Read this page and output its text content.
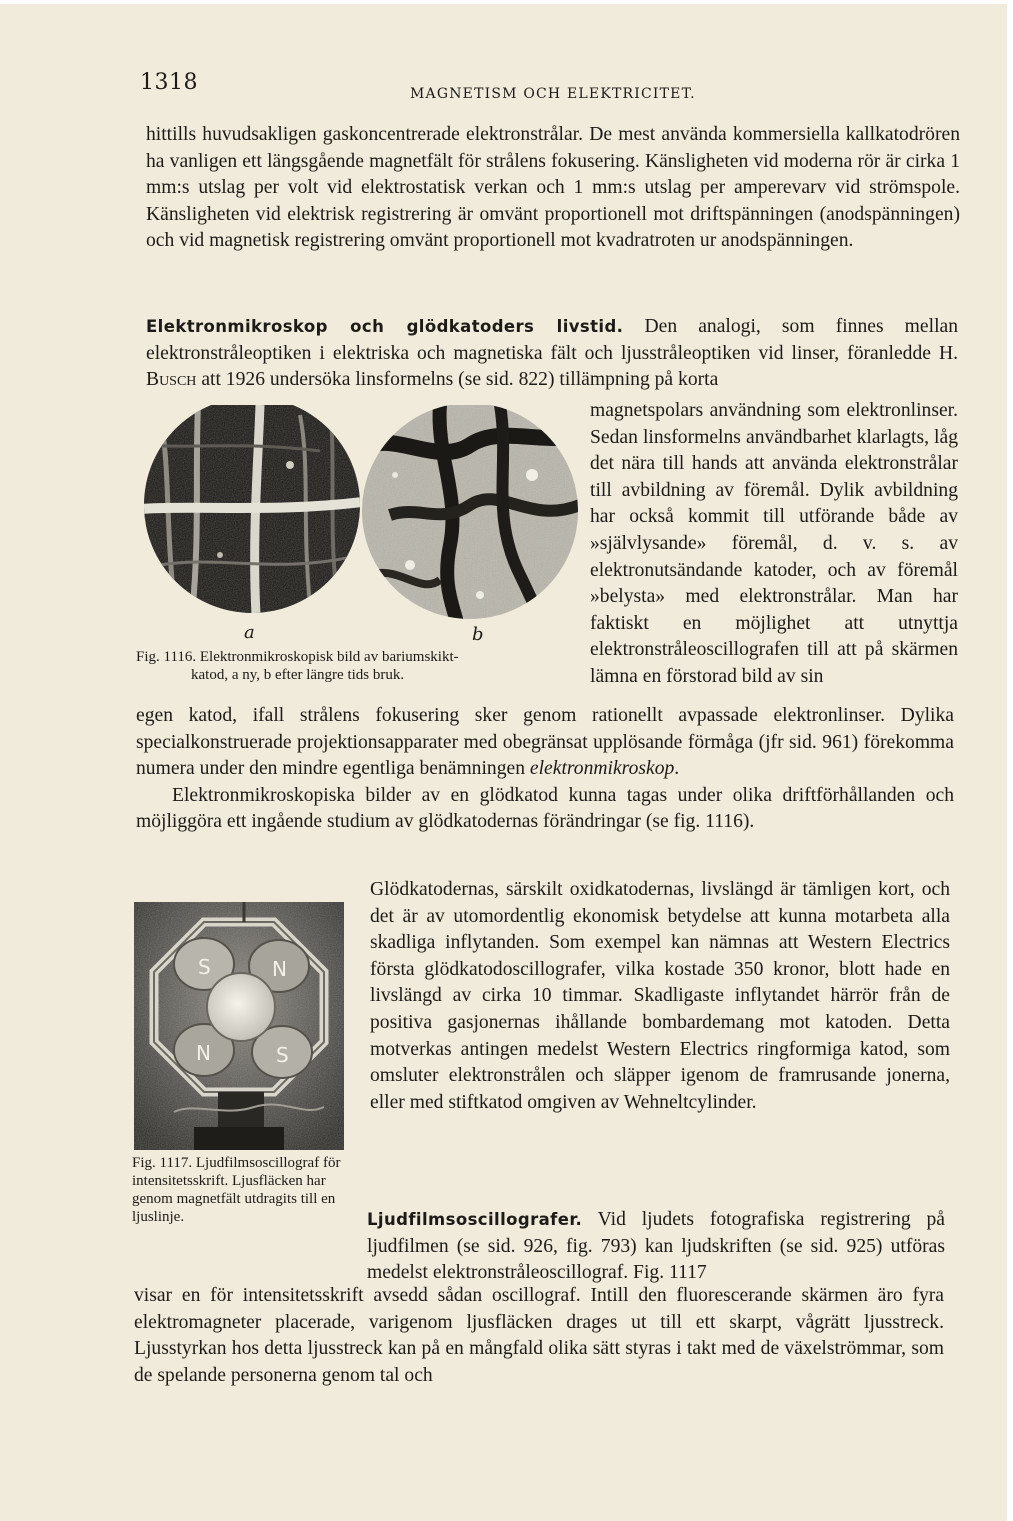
1318	MAGNETISM OCH ELEKTRICITET.

hittills huvudsakligen gaskoncentrerade elektronstrålar. De mest använda kommersiella kallkatodrören ha vanligen ett längsgående magnetfält för strålens fokusering. Känsligheten vid moderna rör är cirka 1 mm:s utslag per volt vid elektrostatisk verkan och 1 mm:s utslag per amperevarv vid strömspole. Känsligheten vid elektrisk registrering är omvänt proportionell mot driftspänningen (anodspänningen) och vid magnetisk registrering omvänt proportionell mot kvadratroten ur anodspänningen.

Elektronmikroskop och glödkatoders livstid. Den analogi, som finnes mellan elektronstråleoptiken i elektriska och magnetiska fält och ljusstråleoptiken vid linser, föranledde H. Busch att 1926 undersöka linsformelns (se sid. 822) tillämpning på korta

magnetspolars användning som elektronlinser. Sedan linsformelns användbarhet klarlagts, låg det nära till hands att använda elektronstrålar till avbildning av föremål. Dylik avbildning har också kommit till utförande både av »självlysande» föremål, d. v. s. av elektronutsändande katoder, och av föremål »belysta» med elektronstrålar. Man har faktiskt en möjlighet att utnyttja elektronstråleoscillografen till att på skärmen lämna en förstorad bild av sin

a	b
Fig. 1116. Elektronmikroskopisk bild av bariumskikt-
katod, a ny, b efter längre tids bruk.

egen katod, ifall strålens fokusering sker genom rationellt avpassade elektronlinser. Dylika specialkonstruerade projektionsapparater med obegränsat upplösande förmåga (jfr sid. 961) förekomma numera under den mindre egentliga benämningen elektronmikroskop.

Elektronmikroskopiska bilder av en glödkatod kunna tagas under olika driftförhållanden och möjliggöra ett ingående studium av glödkatodernas förändringar (se fig. 1116).

S	N
N	S
Fig. 1117. Ljudfilmsoscillograf för intensitetsskrift. Ljusfläcken har genom magnetfält utdragits till en ljuslinje.

Glödkatodernas, särskilt oxidkatodernas, livslängd är tämligen kort, och det är av utomordentlig ekonomisk betydelse att kunna motarbeta alla skadliga inflytanden. Som exempel kan nämnas att Western Electrics första glödkatodoscillografer, vilka kostade 350 kronor, blott hade en livslängd av cirka 10 timmar. Skadligaste inflytandet härrör från de positiva gasjonernas ihållande bombardemang mot katoden. Detta motverkas antingen medelst Western Electrics ringformiga katod, som omsluter elektronstrålen och släpper igenom de framrusande jonerna, eller med stiftkatod omgiven av Wehneltcylinder.

Ljudfilmsoscillografer. Vid ljudets fotografiska registrering på ljudfilmen (se sid. 926, fig. 793) kan ljudskriften (se sid. 925) utföras medelst elektronstråleoscillograf. Fig. 1117

visar en för intensitetsskrift avsedd sådan oscillograf. Intill den fluorescerande skärmen äro fyra elektromagneter placerade, varigenom ljusfläcken drages ut till ett skarpt, vågrätt ljusstreck. Ljusstyrkan hos detta ljusstreck kan på en mångfald olika sätt styras i takt med de växelströmmar, som de spelande personerna genom tal och
